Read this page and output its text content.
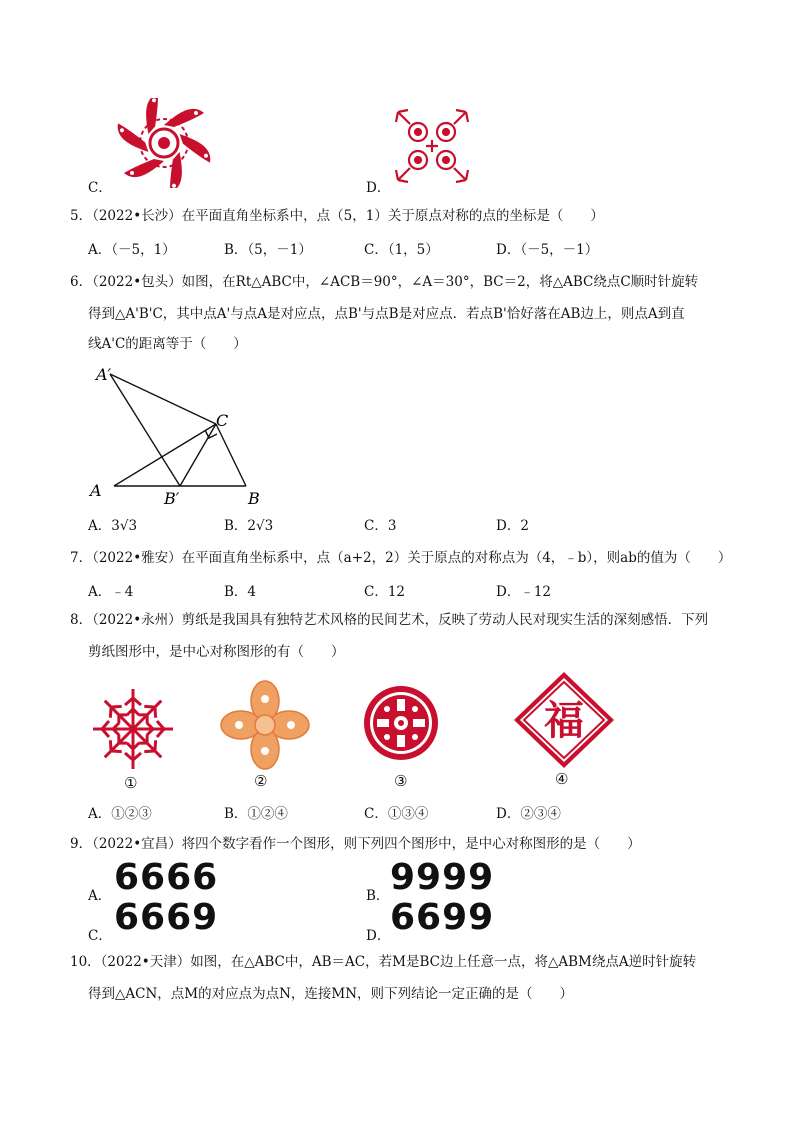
C．	D．
5．（2022•长沙）在平面直角坐标系中，点（5，1）关于原点对称的点的坐标是（　　）
A．（－5，1）	B．（5，－1）	C．（1，5）	D．（－5，－1）
6．（2022•包头）如图，在Rt△ABC中，∠ACB＝90°，∠A＝30°，BC＝2，将△ABC绕点C顺时针旋转
得到△A'B'C，其中点A'与点A是对应点，点B'与点B是对应点．若点B'恰好落在AB边上，则点A到直
线A'C的距离等于（　　）
A′
C
A	B′	B
A．3√3	B．2√3	C．3	D．2
7．（2022•雅安）在平面直角坐标系中，点（a+2，2）关于原点的对称点为（4，﹣b），则ab的值为（　　）
A．﹣4	B．4	C．12	D．﹣12
8．（2022•永州）剪纸是我国具有独特艺术风格的民间艺术，反映了劳动人民对现实生活的深刻感悟．下列
剪纸图形中，是中心对称图形的有（　　）
福
①	②	③	④
A．①②③	B．①②④	C．①③④	D．②③④
9．（2022•宜昌）将四个数字看作一个图形，则下列四个图形中，是中心对称图形的是（　　）
A． 6666	B． 9999
C． 6669	D． 6699
10．（2022•天津）如图，在△ABC中，AB＝AC，若M是BC边上任意一点，将△ABM绕点A逆时针旋转
得到△ACN，点M的对应点为点N，连接MN，则下列结论一定正确的是（　　）
